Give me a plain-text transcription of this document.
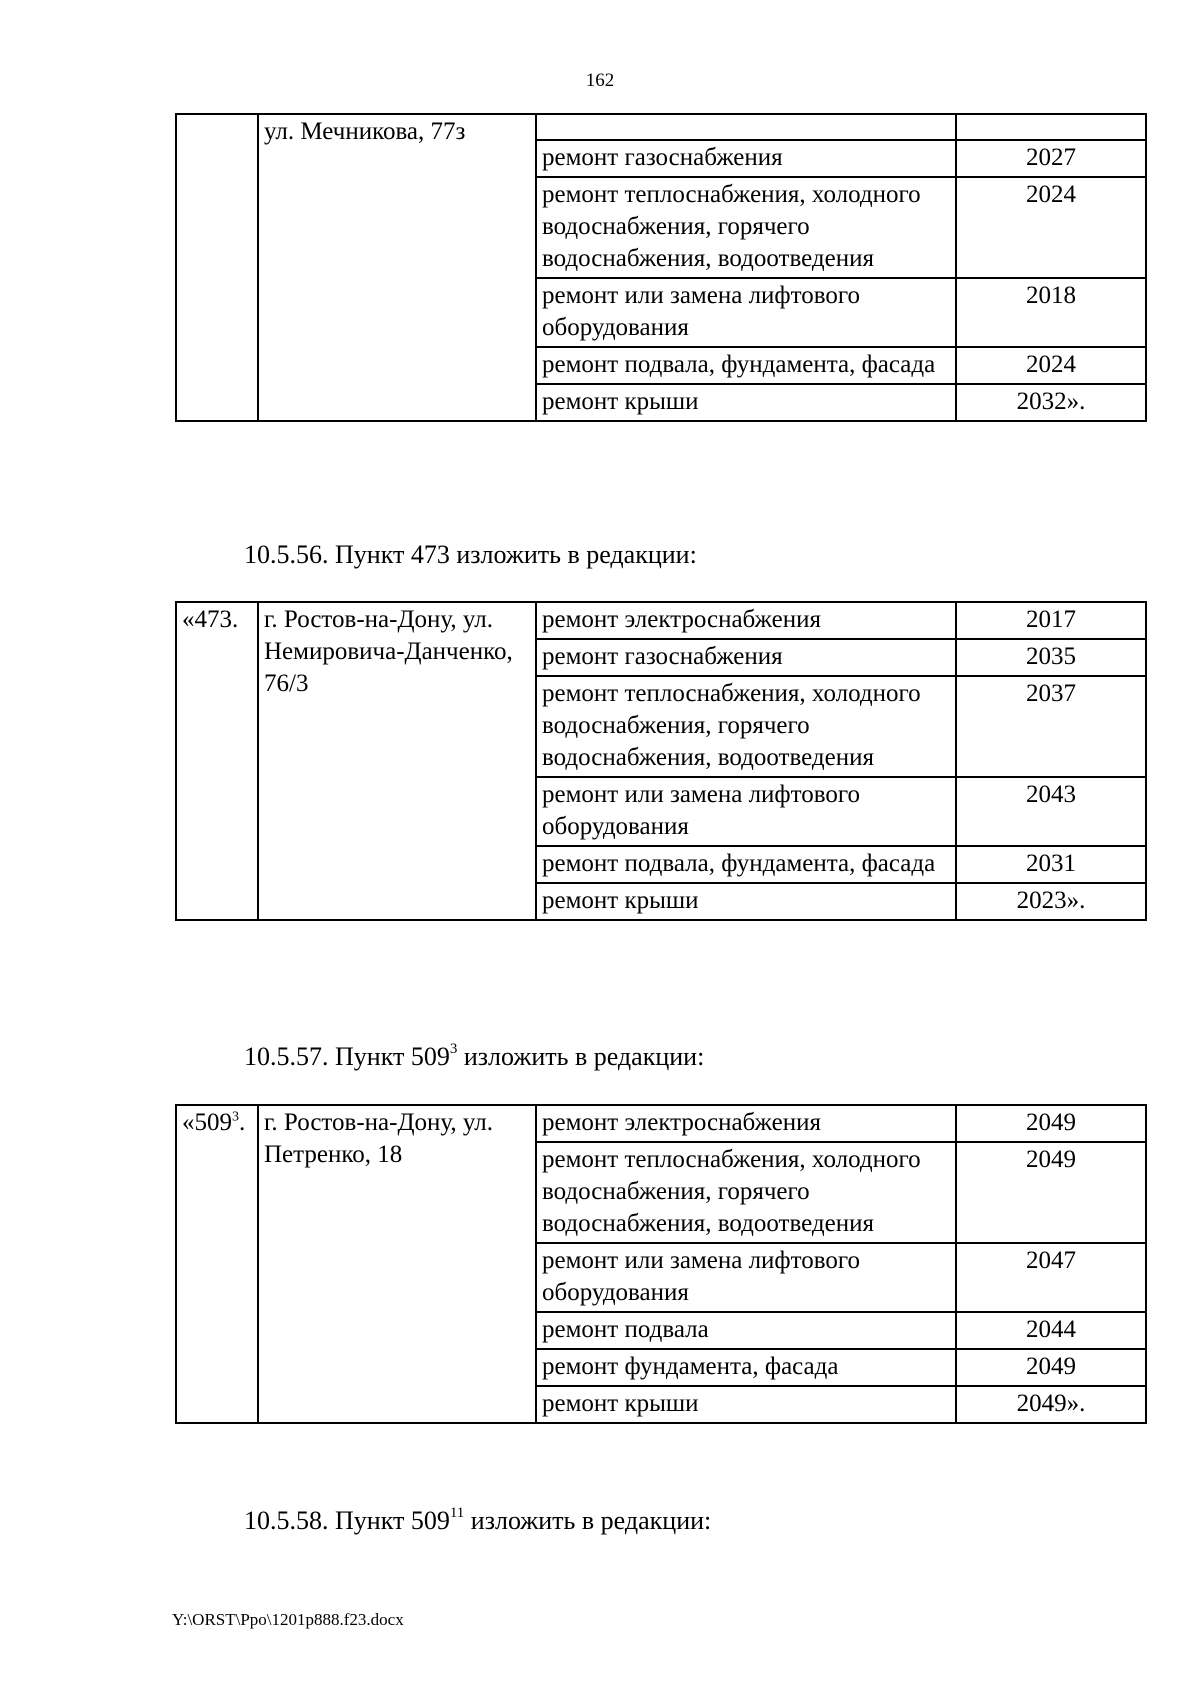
162
	ул. Мечникова, 77з		
		ремонт газоснабжения	2027
		ремонт теплоснабжения, холодного водоснабжения, горячего водоснабжения, водоотведения	2024
		ремонт или замена лифтового оборудования	2018
		ремонт подвала, фундамента, фасада	2024
		ремонт крыши	2032».
10.5.56. Пункт 473 изложить в редакции:
«473.	г. Ростов-на-Дону, ул. Немировича-Данченко, 76/3	ремонт электроснабжения	2017
		ремонт газоснабжения	2035
		ремонт теплоснабжения, холодного водоснабжения, горячего водоснабжения, водоотведения	2037
		ремонт или замена лифтового оборудования	2043
		ремонт подвала, фундамента, фасада	2031
		ремонт крыши	2023».
10.5.57. Пункт $509^3$ изложить в редакции:
«$509^3$.	г. Ростов-на-Дону, ул. Петренко, 18	ремонт электроснабжения	2049
		ремонт теплоснабжения, холодного водоснабжения, горячего водоснабжения, водоотведения	2049
		ремонт или замена лифтового оборудования	2047
		ремонт подвала	2044
		ремонт фундамента, фасада	2049
		ремонт крыши	2049».
10.5.58. Пункт $509^{11}$ изложить в редакции:
Y:\ORST\Ppo\1201p888.f23.docx
